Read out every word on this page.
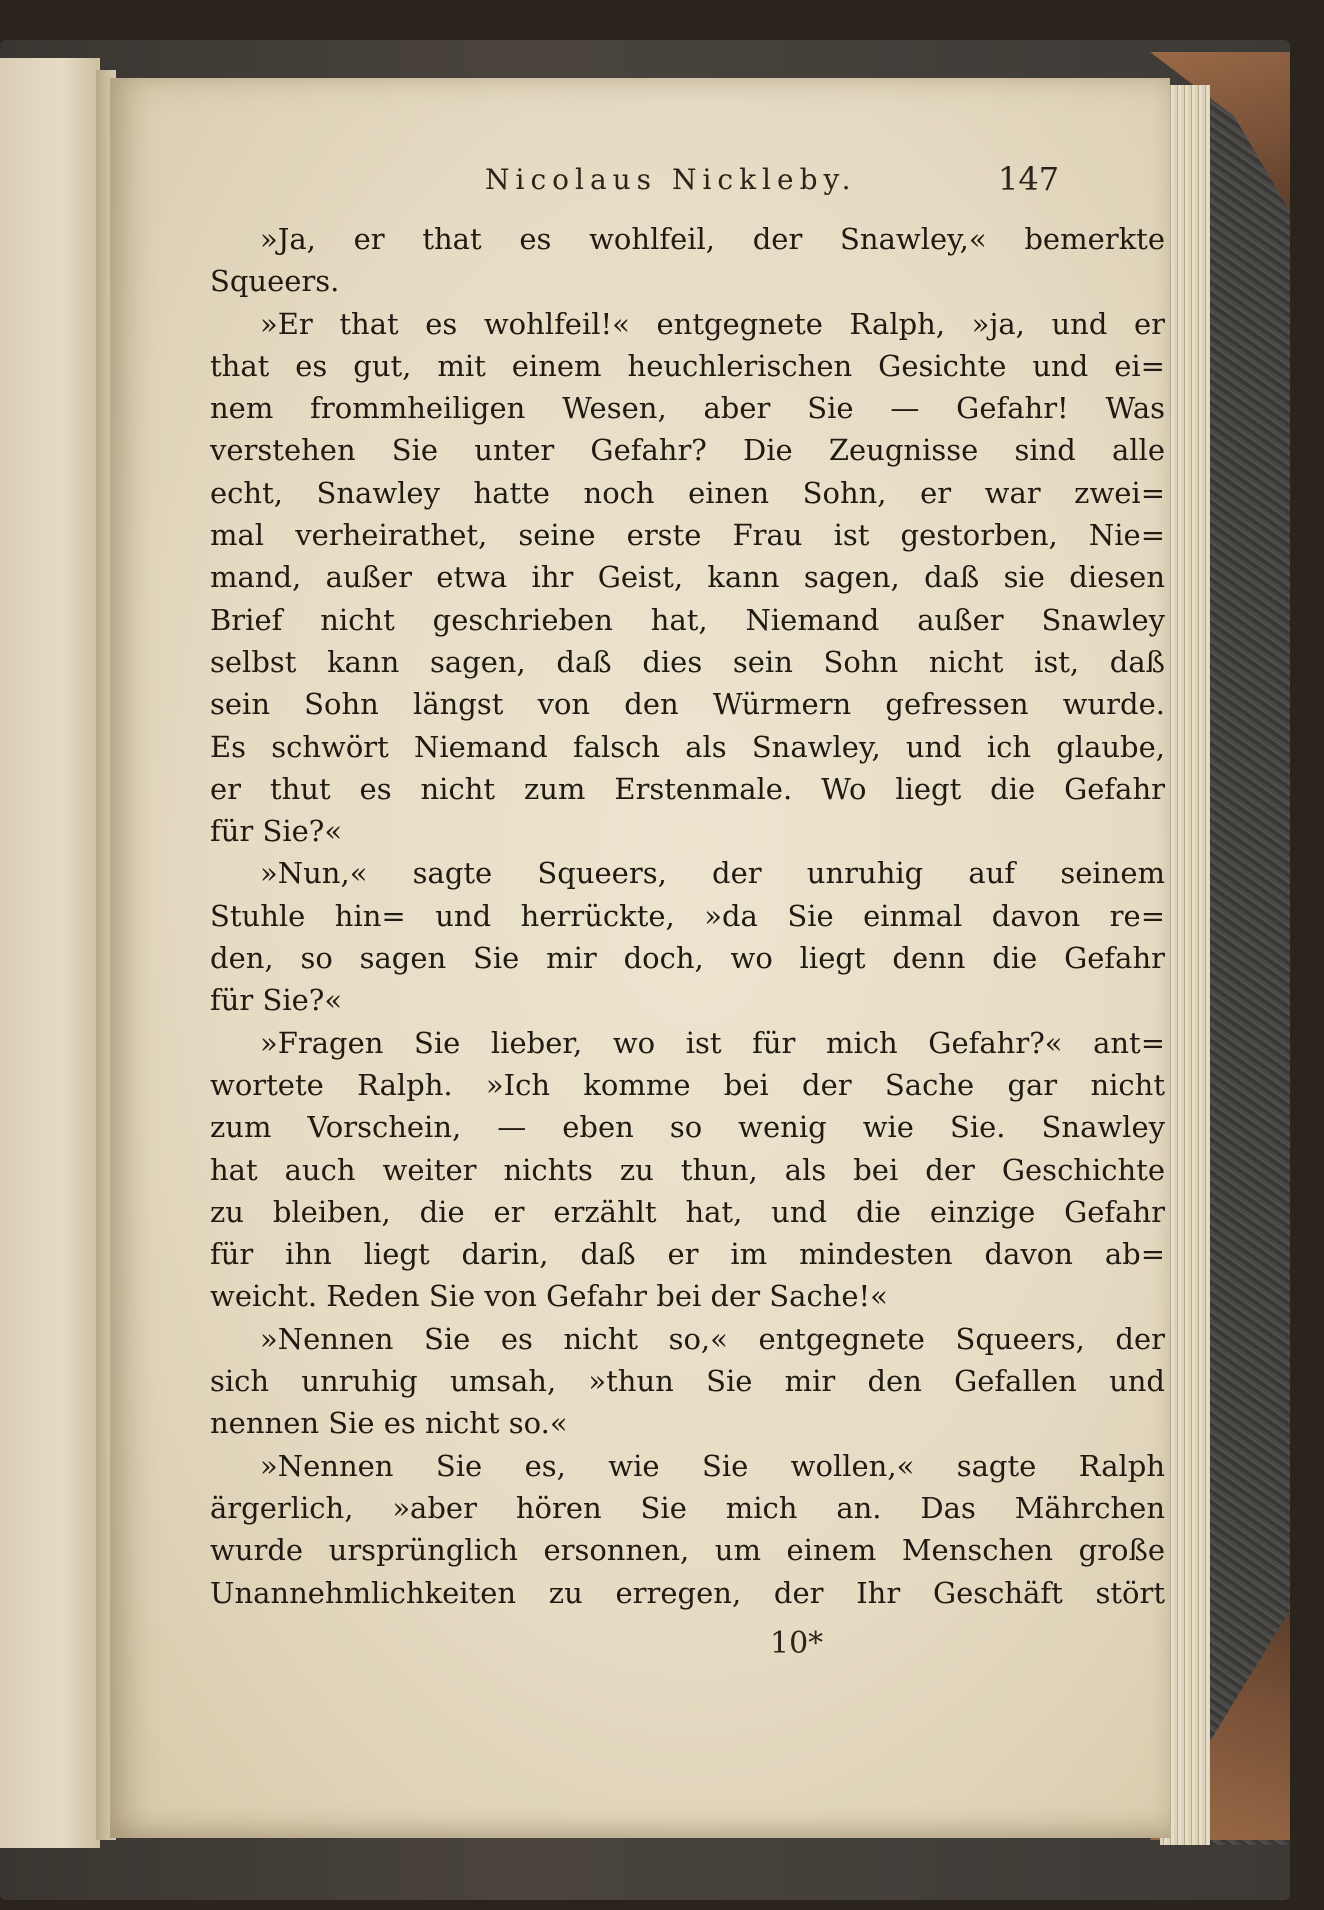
Nicolaus Nickleby.	147
»Ja, er that es wohlfeil, der Snawley,« bemerkte
Squeers.
»Er that es wohlfeil!« entgegnete Ralph, »ja, und er
that es gut, mit einem heuchlerischen Gesichte und ei=
nem frommheiligen Wesen, aber Sie — Gefahr! Was
verstehen Sie unter Gefahr? Die Zeugnisse sind alle
echt, Snawley hatte noch einen Sohn, er war zwei=
mal verheirathet, seine erste Frau ist gestorben, Nie=
mand, außer etwa ihr Geist, kann sagen, daß sie diesen
Brief nicht geschrieben hat, Niemand außer Snawley
selbst kann sagen, daß dies sein Sohn nicht ist, daß
sein Sohn längst von den Würmern gefressen wurde.
Es schwört Niemand falsch als Snawley, und ich glaube,
er thut es nicht zum Erstenmale. Wo liegt die Gefahr
für Sie?«
»Nun,« sagte Squeers, der unruhig auf seinem
Stuhle hin= und herrückte, »da Sie einmal davon re=
den, so sagen Sie mir doch, wo liegt denn die Gefahr
für Sie?«
»Fragen Sie lieber, wo ist für mich Gefahr?« ant=
wortete Ralph. »Ich komme bei der Sache gar nicht
zum Vorschein, — eben so wenig wie Sie. Snawley
hat auch weiter nichts zu thun, als bei der Geschichte
zu bleiben, die er erzählt hat, und die einzige Gefahr
für ihn liegt darin, daß er im mindesten davon ab=
weicht. Reden Sie von Gefahr bei der Sache!«
»Nennen Sie es nicht so,« entgegnete Squeers, der
sich unruhig umsah, »thun Sie mir den Gefallen und
nennen Sie es nicht so.«
»Nennen Sie es, wie Sie wollen,« sagte Ralph
ärgerlich, »aber hören Sie mich an. Das Mährchen
wurde ursprünglich ersonnen, um einem Menschen große
Unannehmlichkeiten zu erregen, der Ihr Geschäft stört
10*
